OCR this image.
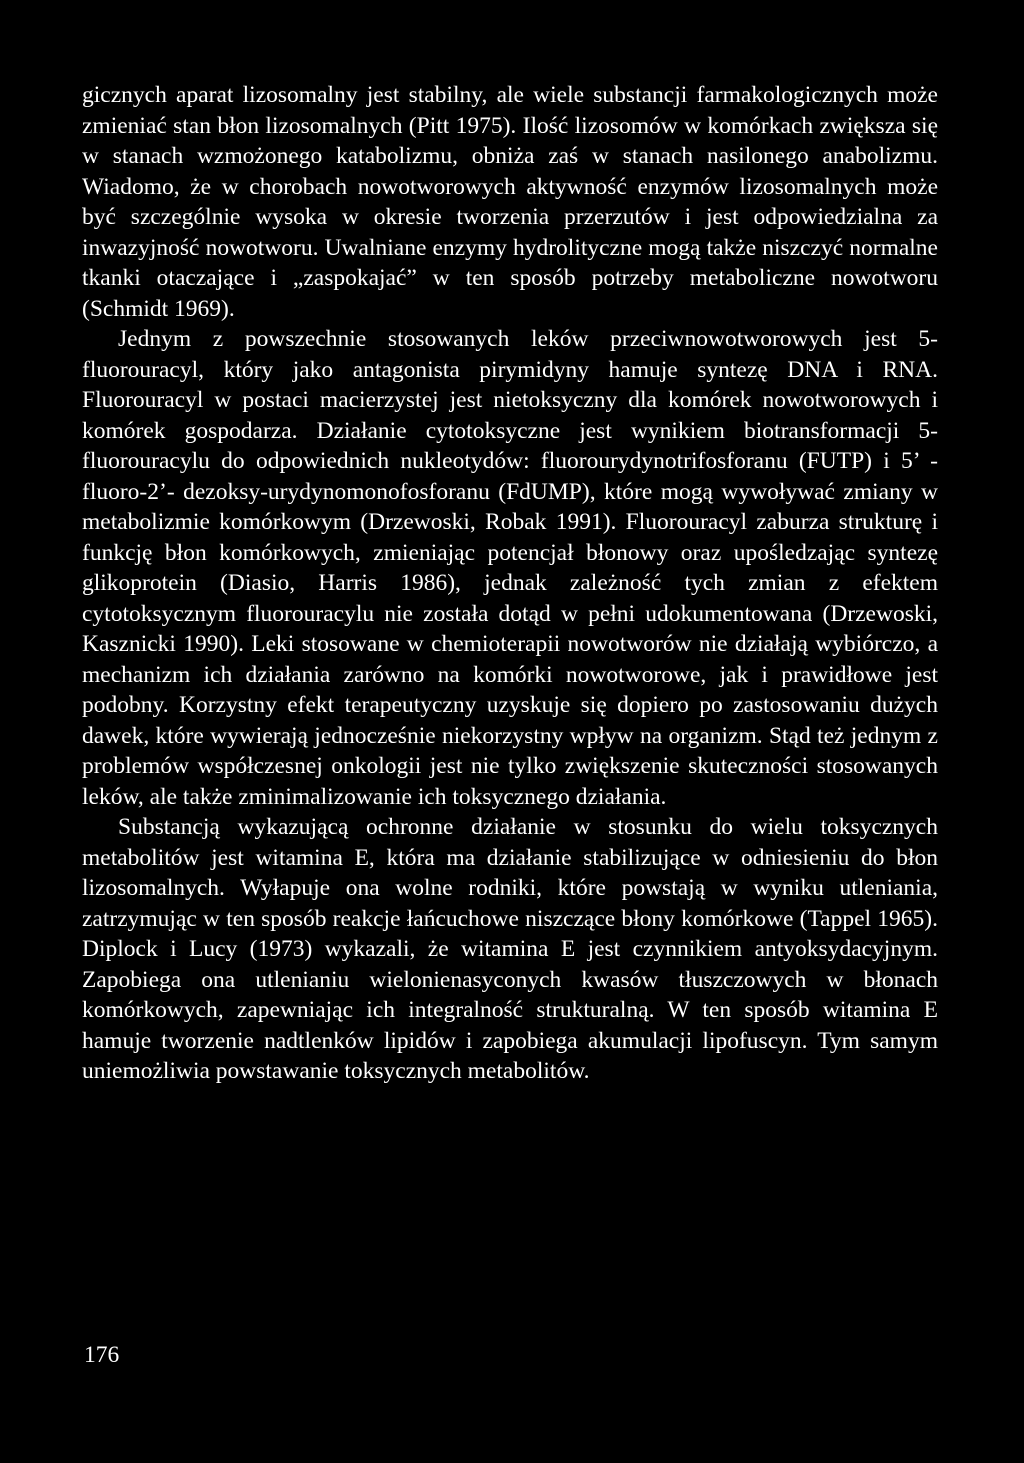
gicznych aparat lizosomalny jest stabilny, ale wiele substancji farmakologicznych może zmieniać stan błon lizosomalnych (Pitt 1975). Ilość lizosomów w komórkach zwiększa się w stanach wzmożonego katabolizmu, obniża zaś w stanach nasilonego anabolizmu. Wiadomo, że w chorobach nowotworowych aktywność enzymów lizosomalnych może być szczególnie wysoka w okresie tworzenia przerzutów i jest odpowiedzialna za inwazyjność nowotworu. Uwalniane enzymy hydrolityczne mogą także niszczyć normalne tkanki otaczające i „zaspokajać” w ten sposób potrzeby metaboliczne nowotworu (Schmidt 1969).

Jednym z powszechnie stosowanych leków przeciwnowotworowych jest 5-fluorouracyl, który jako antagonista pirymidyny hamuje syntezę DNA i RNA. Fluorouracyl w postaci macierzystej jest nietoksyczny dla komórek nowotworowych i komórek gospodarza. Działanie cytotoksyczne jest wynikiem biotransformacji 5-fluorouracylu do odpowiednich nukleotydów: fluorourydynotrifosforanu (FUTP) i 5’ -fluoro-2’- dezoksy-urydynomonofosforanu (FdUMP), które mogą wywoływać zmiany w metabolizmie komórkowym (Drzewoski, Robak 1991). Fluorouracyl zaburza strukturę i funkcję błon komórkowych, zmieniając potencjał błonowy oraz upośledzając syntezę glikoprotein (Diasio, Harris 1986), jednak zależność tych zmian z efektem cytotoksycznym fluorouracylu nie została dotąd w pełni udokumentowana (Drzewoski, Kasznicki 1990). Leki stosowane w chemioterapii nowotworów nie działają wybiórczo, a mechanizm ich działania zarówno na komórki nowotworowe, jak i prawidłowe jest podobny. Korzystny efekt terapeutyczny uzyskuje się dopiero po zastosowaniu dużych dawek, które wywierają jednocześnie niekorzystny wpływ na organizm. Stąd też jednym z problemów współczesnej onkologii jest nie tylko zwiększenie skuteczności stosowanych leków, ale także zminimalizowanie ich toksycznego działania.

Substancją wykazującą ochronne działanie w stosunku do wielu toksycznych metabolitów jest witamina E, która ma działanie stabilizujące w odniesieniu do błon lizosomalnych. Wyłapuje ona wolne rodniki, które powstają w wyniku utleniania, zatrzymując w ten sposób reakcje łańcuchowe niszczące błony komórkowe (Tappel 1965). Diplock i Lucy (1973) wykazali, że witamina E jest czynnikiem antyoksydacyjnym. Zapobiega ona utlenianiu wielonienasyconych kwasów tłuszczowych w błonach komórkowych, zapewniając ich integralność strukturalną. W ten sposób witamina E hamuje tworzenie nadtlenków lipidów i zapobiega akumulacji lipofuscyn. Tym samym uniemożliwia powstawanie toksycznych metabolitów.

176
